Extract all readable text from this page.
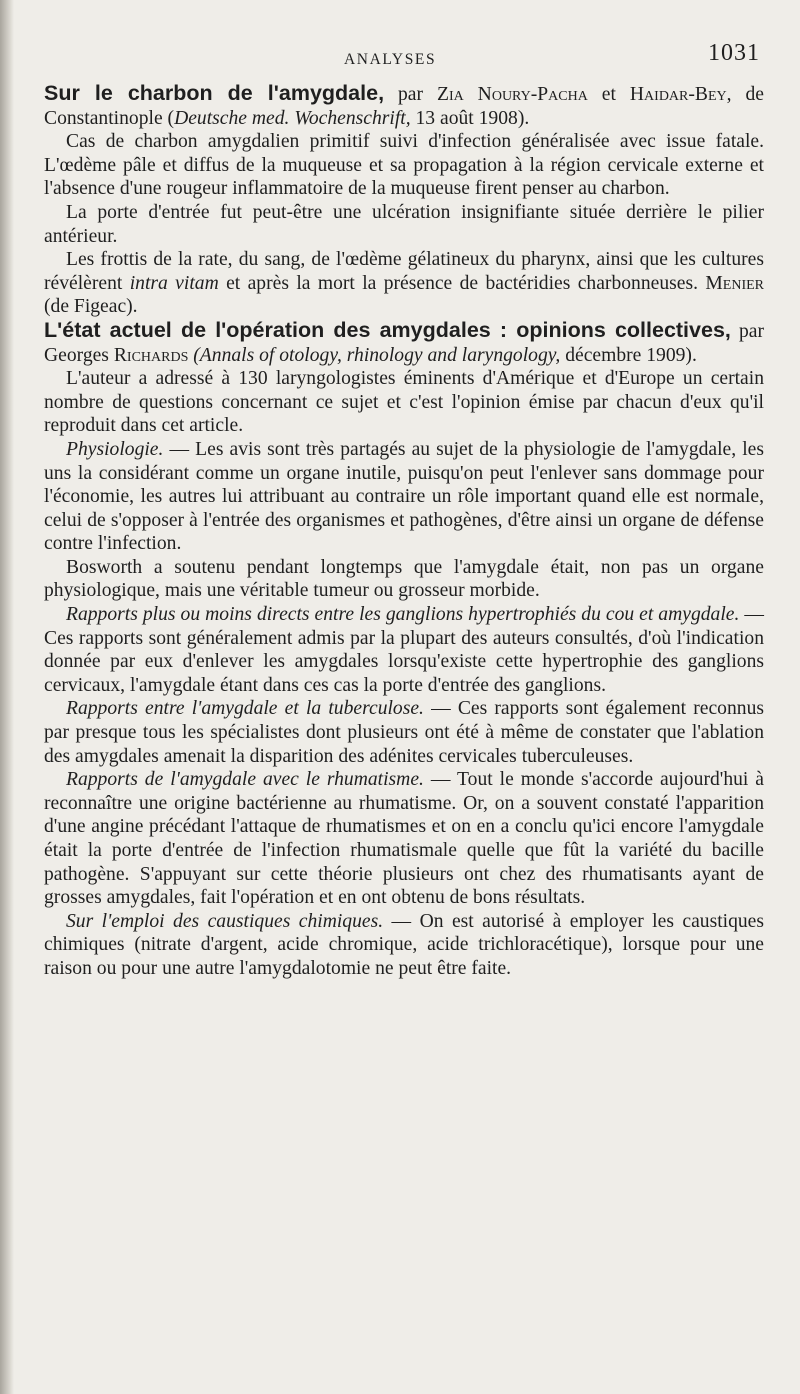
ANALYSES	1031

Sur le charbon de l'amygdale, par Zia Noury-Pacha et Haidar-Bey, de Constantinople (Deutsche med. Wochenschrift, 13 août 1908).

Cas de charbon amygdalien primitif suivi d'infection généralisée avec issue fatale. L'œdème pâle et diffus de la muqueuse et sa propagation à la région cervicale externe et l'absence d'une rougeur inflammatoire de la muqueuse firent penser au charbon.

La porte d'entrée fut peut-être une ulcération insignifiante située derrière le pilier antérieur.

Les frottis de la rate, du sang, de l'œdème gélatineux du pharynx, ainsi que les cultures révélèrent intra vitam et après la mort la présence de bactéridies charbonneuses. Menier (de Figeac).

L'état actuel de l'opération des amygdales : opinions collectives, par Georges Richards (Annals of otology, rhinology and laryngology, décembre 1909).

L'auteur a adressé à 130 laryngologistes éminents d'Amérique et d'Europe un certain nombre de questions concernant ce sujet et c'est l'opinion émise par chacun d'eux qu'il reproduit dans cet article.

Physiologie. — Les avis sont très partagés au sujet de la physiologie de l'amygdale, les uns la considérant comme un organe inutile, puisqu'on peut l'enlever sans dommage pour l'économie, les autres lui attribuant au contraire un rôle important quand elle est normale, celui de s'opposer à l'entrée des organismes et pathogènes, d'être ainsi un organe de défense contre l'infection.

Bosworth a soutenu pendant longtemps que l'amygdale était, non pas un organe physiologique, mais une véritable tumeur ou grosseur morbide.

Rapports plus ou moins directs entre les ganglions hypertrophiés du cou et amygdale. — Ces rapports sont généralement admis par la plupart des auteurs consultés, d'où l'indication donnée par eux d'enlever les amygdales lorsqu'existe cette hypertrophie des ganglions cervicaux, l'amygdale étant dans ces cas la porte d'entrée des ganglions.

Rapports entre l'amygdale et la tuberculose. — Ces rapports sont également reconnus par presque tous les spécialistes dont plusieurs ont été à même de constater que l'ablation des amygdales amenait la disparition des adénites cervicales tuberculeuses.

Rapports de l'amygdale avec le rhumatisme. — Tout le monde s'accorde aujourd'hui à reconnaître une origine bactérienne au rhumatisme. Or, on a souvent constaté l'apparition d'une angine précédant l'attaque de rhumatismes et on en a conclu qu'ici encore l'amygdale était la porte d'entrée de l'infection rhumatismale quelle que fût la variété du bacille pathogène. S'appuyant sur cette théorie plusieurs ont chez des rhumatisants ayant de grosses amygdales, fait l'opération et en ont obtenu de bons résultats.

Sur l'emploi des caustiques chimiques. — On est autorisé à employer les caustiques chimiques (nitrate d'argent, acide chromique, acide trichloracétique), lorsque pour une raison ou pour une autre l'amygdalotomie ne peut être faite.
